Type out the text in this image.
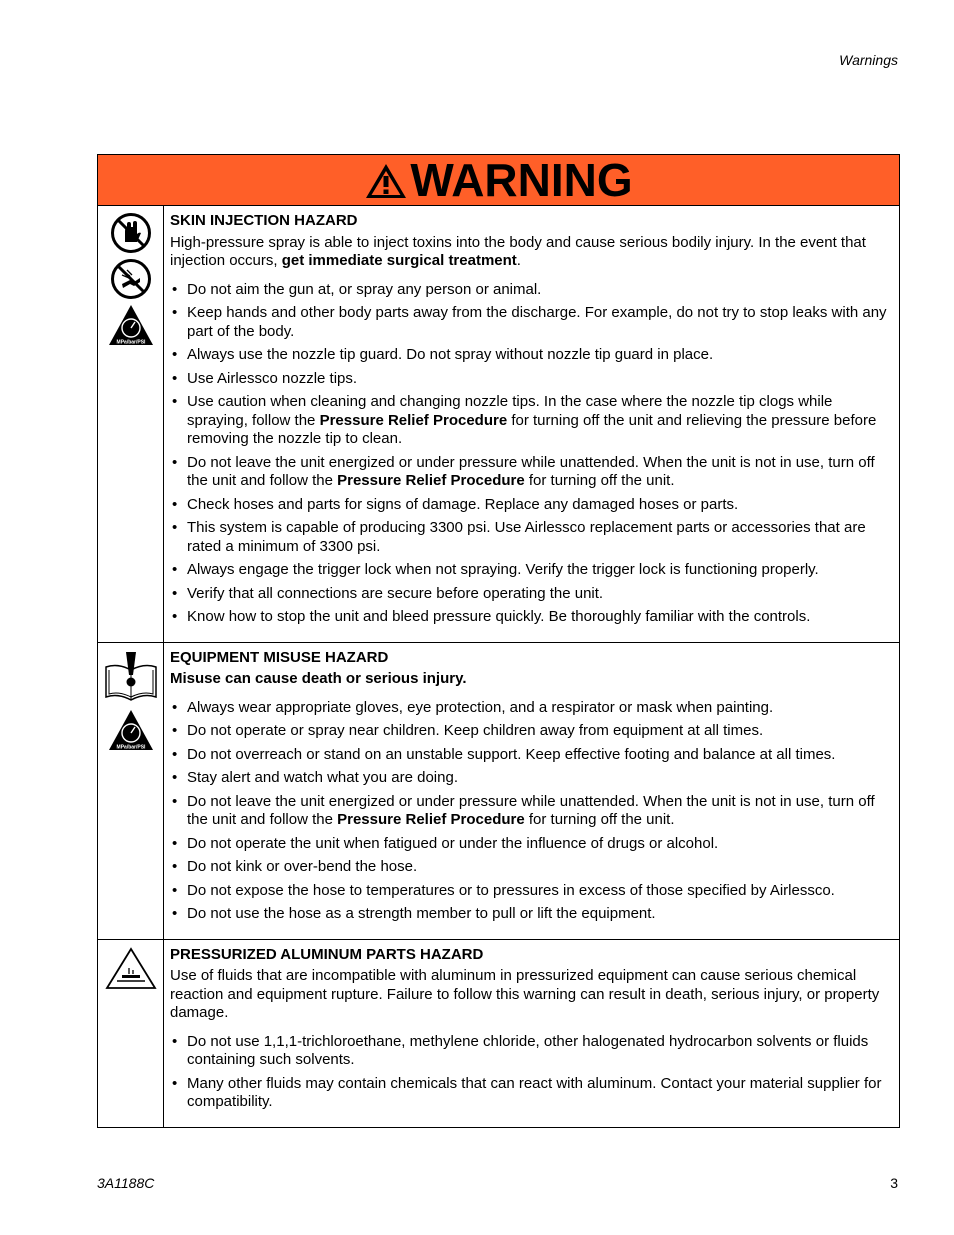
Warnings
WARNING
MPa/bar/PSI

SKIN INJECTION HAZARD

High-pressure spray is able to inject toxins into the body and cause serious bodily injury. In the event that injection occurs, get immediate surgical treatment.

• Do not aim the gun at, or spray any person or animal.
• Keep hands and other body parts away from the discharge. For example, do not try to stop leaks with any part of the body.
• Always use the nozzle tip guard. Do not spray without nozzle tip guard in place.
• Use Airlessco nozzle tips.
• Use caution when cleaning and changing nozzle tips. In the case where the nozzle tip clogs while spraying, follow the Pressure Relief Procedure for turning off the unit and relieving the pressure before removing the nozzle tip to clean.
• Do not leave the unit energized or under pressure while unattended. When the unit is not in use, turn off the unit and follow the Pressure Relief Procedure for turning off the unit.
• Check hoses and parts for signs of damage. Replace any damaged hoses or parts.
• This system is capable of producing 3300 psi. Use Airlessco replacement parts or accessories that are rated a minimum of 3300 psi.
• Always engage the trigger lock when not spraying. Verify the trigger lock is functioning properly.
• Verify that all connections are secure before operating the unit.
• Know how to stop the unit and bleed pressure quickly. Be thoroughly familiar with the controls.
MPa/bar/PSI

EQUIPMENT MISUSE HAZARD

Misuse can cause death or serious injury.

• Always wear appropriate gloves, eye protection, and a respirator or mask when painting.
• Do not operate or spray near children. Keep children away from equipment at all times.
• Do not overreach or stand on an unstable support. Keep effective footing and balance at all times.
• Stay alert and watch what you are doing.
• Do not leave the unit energized or under pressure while unattended. When the unit is not in use, turn off the unit and follow the Pressure Relief Procedure for turning off the unit.
• Do not operate the unit when fatigued or under the influence of drugs or alcohol.
• Do not kink or over-bend the hose.
• Do not expose the hose to temperatures or to pressures in excess of those specified by Airlessco.
• Do not use the hose as a strength member to pull or lift the equipment.

PRESSURIZED ALUMINUM PARTS HAZARD

Use of fluids that are incompatible with aluminum in pressurized equipment can cause serious chemical reaction and equipment rupture. Failure to follow this warning can result in death, serious injury, or property damage.

• Do not use 1,1,1-trichloroethane, methylene chloride, other halogenated hydrocarbon solvents or fluids containing such solvents.
• Many other fluids may contain chemicals that can react with aluminum. Contact your material supplier for compatibility.
3A1188C	3
